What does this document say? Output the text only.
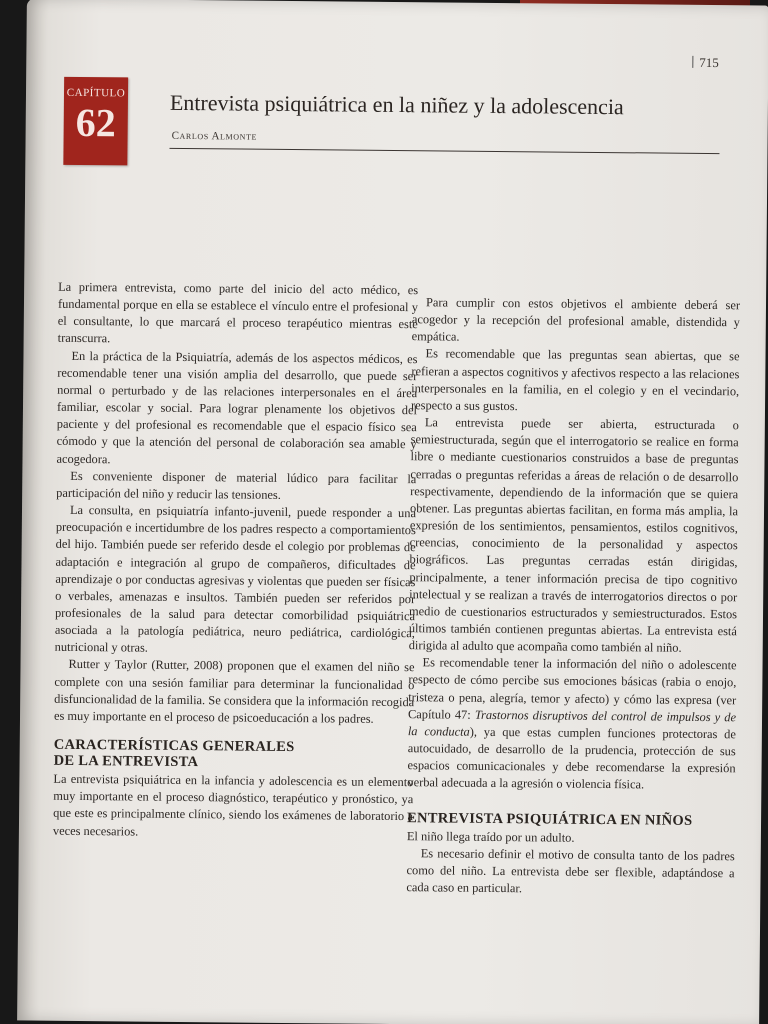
715
CAPÍTULO
62	Entrevista psiquiátrica en la niñez y la adolescencia
Carlos Almonte

La primera entrevista, como parte del inicio del acto médico, es fundamental porque en ella se establece el vínculo entre el profesional y el consultante, lo que marcará el proceso terapéutico mientras este transcurra.

En la práctica de la Psiquiatría, además de los aspectos médicos, es recomendable tener una visión amplia del desarrollo, que puede ser normal o perturbado y de las relaciones interpersonales en el área familiar, escolar y social. Para lograr plenamente los objetivos del paciente y del profesional es recomendable que el espacio físico sea cómodo y que la atención del personal de colaboración sea amable y acogedora.

Es conveniente disponer de material lúdico para facilitar la participación del niño y reducir las tensiones.

La consulta, en psiquiatría infanto-juvenil, puede responder a una preocupación e incertidumbre de los padres respecto a comportamientos del hijo. También puede ser referido desde el colegio por problemas de adaptación e integración al grupo de compañeros, dificultades de aprendizaje o por conductas agresivas y violentas que pueden ser físicas o verbales, amenazas e insultos. También pueden ser referidos por profesionales de la salud para detectar comorbilidad psiquiátrica asociada a la patología pediátrica, neuro pediátrica, cardiológica, nutricional y otras.

Rutter y Taylor (Rutter, 2008) proponen que el examen del niño se complete con una sesión familiar para determinar la funcionalidad o disfuncionalidad de la familia. Se considera que la información recogida es muy importante en el proceso de psicoeducación a los padres.

CARACTERÍSTICAS GENERALES
DE LA ENTREVISTA

La entrevista psiquiátrica en la infancia y adolescencia es un elemento muy importante en el proceso diagnóstico, terapéutico y pronóstico, ya que este es principalmente clínico, siendo los exámenes de laboratorio a veces necesarios.

Para cumplir con estos objetivos el ambiente deberá ser acogedor y la recepción del profesional amable, distendida y empática.

Es recomendable que las preguntas sean abiertas, que se refieran a aspectos cognitivos y afectivos respecto a las relaciones interpersonales en la familia, en el colegio y en el vecindario, respecto a sus gustos.

La entrevista puede ser abierta, estructurada o semiestructurada, según que el interrogatorio se realice en forma libre o mediante cuestionarios construidos a base de preguntas cerradas o preguntas referidas a áreas de relación o de desarrollo respectivamente, dependiendo de la información que se quiera obtener. Las preguntas abiertas facilitan, en forma más amplia, la expresión de los sentimientos, pensamientos, estilos cognitivos, creencias, conocimiento de la personalidad y aspectos biográficos. Las preguntas cerradas están dirigidas, principalmente, a tener información precisa de tipo cognitivo intelectual y se realizan a través de interrogatorios directos o por medio de cuestionarios estructurados y semiestructurados. Estos últimos también contienen preguntas abiertas. La entrevista está dirigida al adulto que acompaña como también al niño.

Es recomendable tener la información del niño o adolescente respecto de cómo percibe sus emociones básicas (rabia o enojo, tristeza o pena, alegría, temor y afecto) y cómo las expresa (ver Capítulo 47: Trastornos disruptivos del control de impulsos y de la conducta), ya que estas cumplen funciones protectoras de autocuidado, de desarrollo de la prudencia, protección de sus espacios comunicacionales y debe recomendarse la expresión verbal adecuada a la agresión o violencia física.

ENTREVISTA PSIQUIÁTRICA EN NIÑOS

El niño llega traído por un adulto.

Es necesario definir el motivo de consulta tanto de los padres como del niño. La entrevista debe ser flexible, adaptándose a cada caso en particular.
